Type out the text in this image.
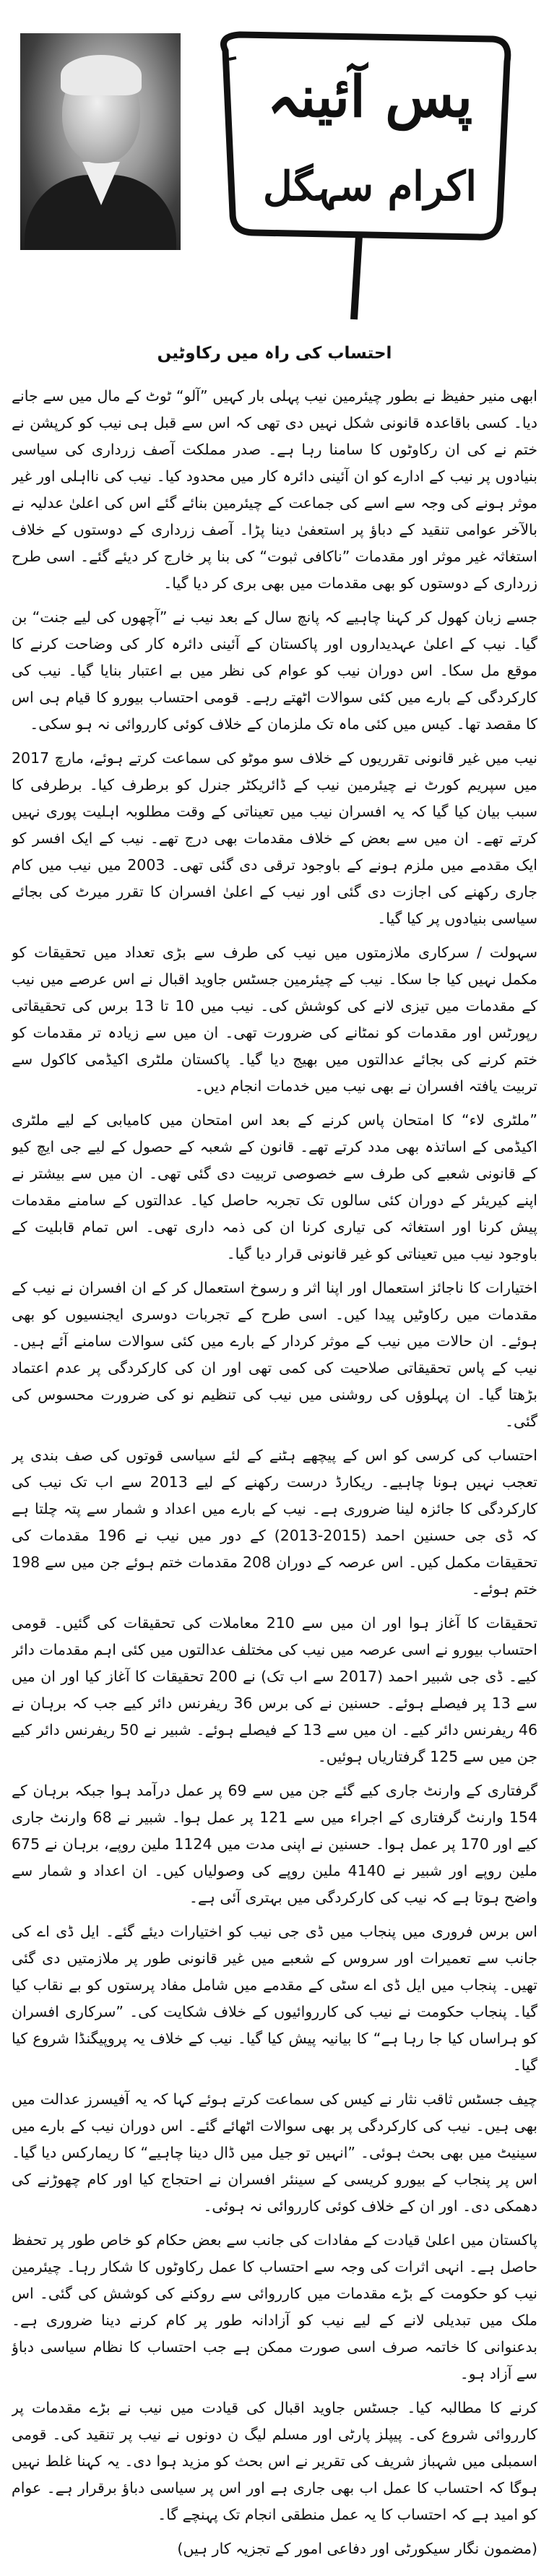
پس آئینہ
اکرام سہگل
احتساب کی راہ میں رکاوٹیں

ابھی منیر حفیظ نے بطور چیئرمین نیب پہلی بار کہیں ”آلو“ ٹوٹ کے مال میں سے جانے دیا۔ کسی باقاعدہ قانونی شکل نہیں دی تھی کہ اس سے قبل ہی نیب کو کرپشن نے ختم نے کی ان رکاوٹوں کا سامنا رہا ہے۔ صدر مملکت آصف زرداری کی سیاسی بنیادوں پر نیب کے ادارے کو ان آئینی دائرہ کار میں محدود کیا۔ نیب کی نااہلی اور غیر موثر ہونے کی وجہ سے اسے کی جماعت کے چیئرمین بنائے گئے اس کی اعلیٰ عدلیہ نے بالآخر عوامی تنقید کے دباؤ پر استعفیٰ دینا پڑا۔ آصف زرداری کے دوستوں کے خلاف استغاثہ غیر موثر اور مقدمات ”ناکافی ثبوت“ کی بنا پر خارج کر دیئے گئے۔ اسی طرح زرداری کے دوستوں کو بھی مقدمات میں بھی بری کر دیا گیا۔

جسے زبان کھول کر کہنا چاہیے کہ پانچ سال کے بعد نیب نے ”آچھوں کی لیے جنت“ بن گیا۔ نیب کے اعلیٰ عہدیداروں اور پاکستان کے آئینی دائرہ کار کی وضاحت کرنے کا موقع مل سکا۔ اس دوران نیب کو عوام کی نظر میں بے اعتبار بنایا گیا۔ نیب کی کارکردگی کے بارے میں کئی سوالات اٹھتے رہے۔ قومی احتساب بیورو کا قیام ہی اس کا مقصد تھا۔ کیس میں کئی ماہ تک ملزمان کے خلاف کوئی کارروائی نہ ہو سکی۔

نیب میں غیر قانونی تقرریوں کے خلاف سو موٹو کی سماعت کرتے ہوئے، مارچ 2017 میں سپریم کورٹ نے چیئرمین نیب کے ڈائریکٹر جنرل کو برطرف کیا۔ برطرفی کا سبب بیان کیا گیا کہ یہ افسران نیب میں تعیناتی کے وقت مطلوبہ اہلیت پوری نہیں کرتے تھے۔ ان میں سے بعض کے خلاف مقدمات بھی درج تھے۔ نیب کے ایک افسر کو ایک مقدمے میں ملزم ہونے کے باوجود ترقی دی گئی تھی۔ 2003 میں نیب میں کام جاری رکھنے کی اجازت دی گئی اور نیب کے اعلیٰ افسران کا تقرر میرٹ کی بجائے سیاسی بنیادوں پر کیا گیا۔

سہولت / سرکاری ملازمتوں میں نیب کی طرف سے بڑی تعداد میں تحقیقات کو مکمل نہیں کیا جا سکا۔ نیب کے چیئرمین جسٹس جاوید اقبال نے اس عرصے میں نیب کے مقدمات میں تیزی لانے کی کوشش کی۔ نیب میں 10 تا 13 برس کی تحقیقاتی رپورٹس اور مقدمات کو نمٹانے کی ضرورت تھی۔ ان میں سے زیادہ تر مقدمات کو ختم کرنے کی بجائے عدالتوں میں بھیج دیا گیا۔ پاکستان ملٹری اکیڈمی کاکول سے تربیت یافتہ افسران نے بھی نیب میں خدمات انجام دیں۔

”ملٹری لاء“ کا امتحان پاس کرنے کے بعد اس امتحان میں کامیابی کے لیے ملٹری اکیڈمی کے اساتذہ بھی مدد کرتے تھے۔ قانون کے شعبہ کے حصول کے لیے جی ایچ کیو کے قانونی شعبے کی طرف سے خصوصی تربیت دی گئی تھی۔ ان میں سے بیشتر نے اپنے کیریئر کے دوران کئی سالوں تک تجربہ حاصل کیا۔ عدالتوں کے سامنے مقدمات پیش کرنا اور استغاثہ کی تیاری کرنا ان کی ذمہ داری تھی۔ اس تمام قابلیت کے باوجود نیب میں تعیناتی کو غیر قانونی قرار دیا گیا۔

اختیارات کا ناجائز استعمال اور اپنا اثر و رسوخ استعمال کر کے ان افسران نے نیب کے مقدمات میں رکاوٹیں پیدا کیں۔ اسی طرح کے تجربات دوسری ایجنسیوں کو بھی ہوئے۔ ان حالات میں نیب کے موثر کردار کے بارے میں کئی سوالات سامنے آئے ہیں۔ نیب کے پاس تحقیقاتی صلاحیت کی کمی تھی اور ان کی کارکردگی پر عدم اعتماد بڑھتا گیا۔ ان پہلوؤں کی روشنی میں نیب کی تنظیم نو کی ضرورت محسوس کی گئی۔

احتساب کی کرسی کو اس کے پیچھے ہٹنے کے لئے سیاسی قوتوں کی صف بندی پر تعجب نہیں ہونا چاہیے۔ ریکارڈ درست رکھنے کے لیے 2013 سے اب تک نیب کی کارکردگی کا جائزہ لینا ضروری ہے۔ نیب کے بارے میں اعداد و شمار سے پتہ چلتا ہے کہ ڈی جی حسنین احمد (2015-2013) کے دور میں نیب نے 196 مقدمات کی تحقیقات مکمل کیں۔ اس عرصہ کے دوران 208 مقدمات ختم ہوئے جن میں سے 198 ختم ہوئے۔

تحقیقات کا آغاز ہوا اور ان میں سے 210 معاملات کی تحقیقات کی گئیں۔ قومی احتساب بیورو نے اسی عرصہ میں نیب کی مختلف عدالتوں میں کئی اہم مقدمات دائر کیے۔ ڈی جی شبیر احمد (2017 سے اب تک) نے 200 تحقیقات کا آغاز کیا اور ان میں سے 13 پر فیصلے ہوئے۔ حسنین نے کی برس 36 ریفرنس دائر کیے جب کہ برہان نے 46 ریفرنس دائر کیے۔ ان میں سے 13 کے فیصلے ہوئے۔ شبیر نے 50 ریفرنس دائر کیے جن میں سے 125 گرفتاریاں ہوئیں۔

گرفتاری کے وارنٹ جاری کیے گئے جن میں سے 69 پر عمل درآمد ہوا جبکہ برہان کے 154 وارنٹ گرفتاری کے اجراء میں سے 121 پر عمل ہوا۔ شبیر نے 68 وارنٹ جاری کیے اور 170 پر عمل ہوا۔ حسنین نے اپنی مدت میں 1124 ملین روپے، برہان نے 675 ملین روپے اور شبیر نے 4140 ملین روپے کی وصولیاں کیں۔ ان اعداد و شمار سے واضح ہوتا ہے کہ نیب کی کارکردگی میں بہتری آئی ہے۔

اس برس فروری میں پنجاب میں ڈی جی نیب کو اختیارات دیئے گئے۔ ایل ڈی اے کی جانب سے تعمیرات اور سروس کے شعبے میں غیر قانونی طور پر ملازمتیں دی گئی تھیں۔ پنجاب میں ایل ڈی اے سٹی کے مقدمے میں شامل مفاد پرستوں کو بے نقاب کیا گیا۔ پنجاب حکومت نے نیب کی کارروائیوں کے خلاف شکایت کی۔ ”سرکاری افسران کو ہراساں کیا جا رہا ہے“ کا بیانیہ پیش کیا گیا۔ نیب کے خلاف یہ پروپیگنڈا شروع کیا گیا۔

چیف جسٹس ثاقب نثار نے کیس کی سماعت کرتے ہوئے کہا کہ یہ آفیسرز عدالت میں بھی ہیں۔ نیب کی کارکردگی پر بھی سوالات اٹھائے گئے۔ اس دوران نیب کے بارے میں سینیٹ میں بھی بحث ہوئی۔ ”انہیں تو جیل میں ڈال دینا چاہیے“ کا ریمارکس دیا گیا۔ اس پر پنجاب کے بیورو کریسی کے سینئر افسران نے احتجاج کیا اور کام چھوڑنے کی دھمکی دی۔ اور ان کے خلاف کوئی کارروائی نہ ہوئی۔

پاکستان میں اعلیٰ قیادت کے مفادات کی جانب سے بعض حکام کو خاص طور پر تحفظ حاصل ہے۔ انہی اثرات کی وجہ سے احتساب کا عمل رکاوٹوں کا شکار رہا۔ چیئرمین نیب کو حکومت کے بڑے مقدمات میں کارروائی سے روکنے کی کوشش کی گئی۔ اس ملک میں تبدیلی لانے کے لیے نیب کو آزادانہ طور پر کام کرنے دینا ضروری ہے۔ بدعنوانی کا خاتمہ صرف اسی صورت ممکن ہے جب احتساب کا نظام سیاسی دباؤ سے آزاد ہو۔

کرنے کا مطالبہ کیا۔ جسٹس جاوید اقبال کی قیادت میں نیب نے بڑے مقدمات پر کارروائی شروع کی۔ پیپلز پارٹی اور مسلم لیگ ن دونوں نے نیب پر تنقید کی۔ قومی اسمبلی میں شہباز شریف کی تقریر نے اس بحث کو مزید ہوا دی۔ یہ کہنا غلط نہیں ہوگا کہ احتساب کا عمل اب بھی جاری ہے اور اس پر سیاسی دباؤ برقرار ہے۔ عوام کو امید ہے کہ احتساب کا یہ عمل منطقی انجام تک پہنچے گا۔

(مضمون نگار سیکورٹی اور دفاعی امور کے تجزیہ کار ہیں)
